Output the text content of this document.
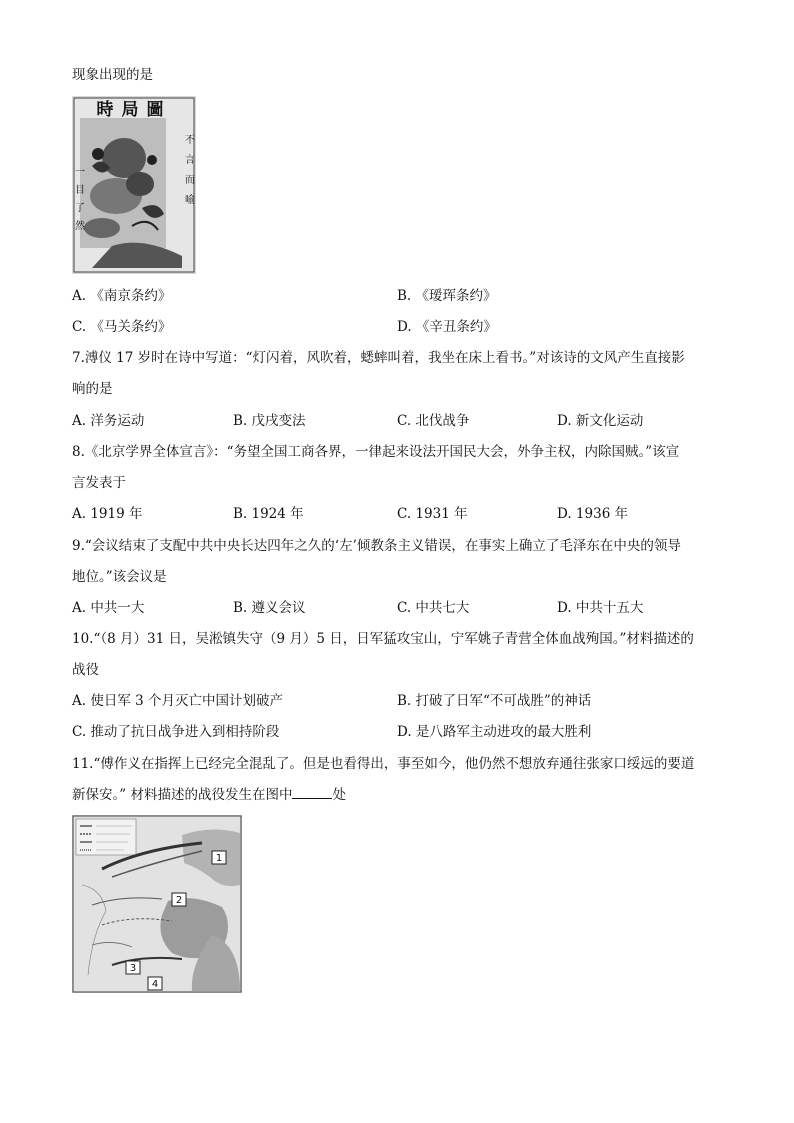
现象出现的是
時局圖
一目了然	不言而喻
A. 《南京条约》	B. 《瑷珲条约》
C. 《马关条约》	D. 《辛丑条约》
7.溥仪 17 岁时在诗中写道：“灯闪着，风吹着，蟋蟀叫着，我坐在床上看书。”对该诗的文风产生直接影
响的是
A. 洋务运动	B. 戊戌变法	C. 北伐战争	D. 新文化运动
8.《北京学界全体宣言》：“务望全国工商各界，一律起来设法开国民大会，外争主权，内除国贼。”该宣
言发表于
A. 1919 年	B. 1924 年	C. 1931 年	D. 1936 年
9.“会议结束了支配中共中央长达四年之久的‘左’倾教条主义错误，在事实上确立了毛泽东在中央的领导
地位。”该会议是
A. 中共一大	B. 遵义会议	C. 中共七大	D. 中共十五大
10.“（8 月）31 日，吴淞镇失守（9 月）5 日，日军猛攻宝山，宁军姚子青营全体血战殉国。”材料描述的
战役
A. 使日军 3 个月灭亡中国计划破产	B. 打破了日军“不可战胜”的神话
C. 推动了抗日战争进入到相持阶段	D. 是八路军主动进攻的最大胜利
11.“傅作义在指挥上已经完全混乱了。但是也看得出，事至如今，他仍然不想放弃通往张家口绥远的要道
新保安。” 材料描述的战役发生在图中	处
1
2
3
4
